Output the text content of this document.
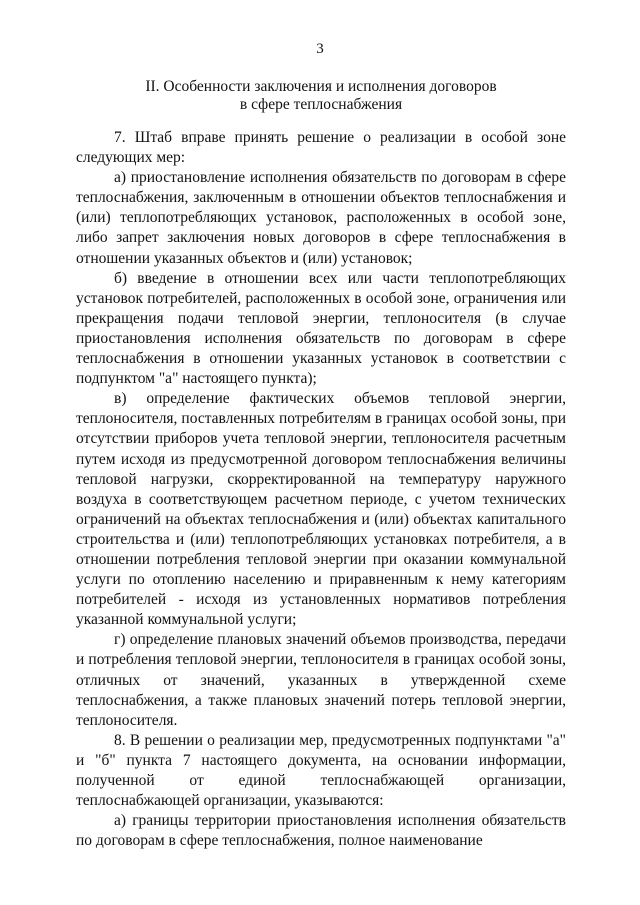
3
II. Особенности заключения и исполнения договоров
в сфере теплоснабжения

7. Штаб вправе принять решение о реализации в особой зоне следующих мер:

а) приостановление исполнения обязательств по договорам в сфере теплоснабжения, заключенным в отношении объектов теплоснабжения и (или) теплопотребляющих установок, расположенных в особой зоне, либо запрет заключения новых договоров в сфере теплоснабжения в отношении указанных объектов и (или) установок;

б) введение в отношении всех или части теплопотребляющих установок потребителей, расположенных в особой зоне, ограничения или прекращения подачи тепловой энергии, теплоносителя (в случае приостановления исполнения обязательств по договорам в сфере теплоснабжения в отношении указанных установок в соответствии с подпунктом "а" настоящего пункта);

в) определение фактических объемов тепловой энергии, теплоносителя, поставленных потребителям в границах особой зоны, при отсутствии приборов учета тепловой энергии, теплоносителя расчетным путем исходя из предусмотренной договором теплоснабжения величины тепловой нагрузки, скорректированной на температуру наружного воздуха в соответствующем расчетном периоде, с учетом технических ограничений на объектах теплоснабжения и (или) объектах капитального строительства и (или) теплопотребляющих установках потребителя, а в отношении потребления тепловой энергии при оказании коммунальной услуги по отоплению населению и приравненным к нему категориям потребителей - исходя из установленных нормативов потребления указанной коммунальной услуги;

г) определение плановых значений объемов производства, передачи и потребления тепловой энергии, теплоносителя в границах особой зоны, отличных от значений, указанных в утвержденной схеме теплоснабжения, а также плановых значений потерь тепловой энергии, теплоносителя.

8. В решении о реализации мер, предусмотренных подпунктами "а" и "б" пункта 7 настоящего документа, на основании информации, полученной от единой теплоснабжающей организации, теплоснабжающей организации, указываются:

а) границы территории приостановления исполнения обязательств по договорам в сфере теплоснабжения, полное наименование
